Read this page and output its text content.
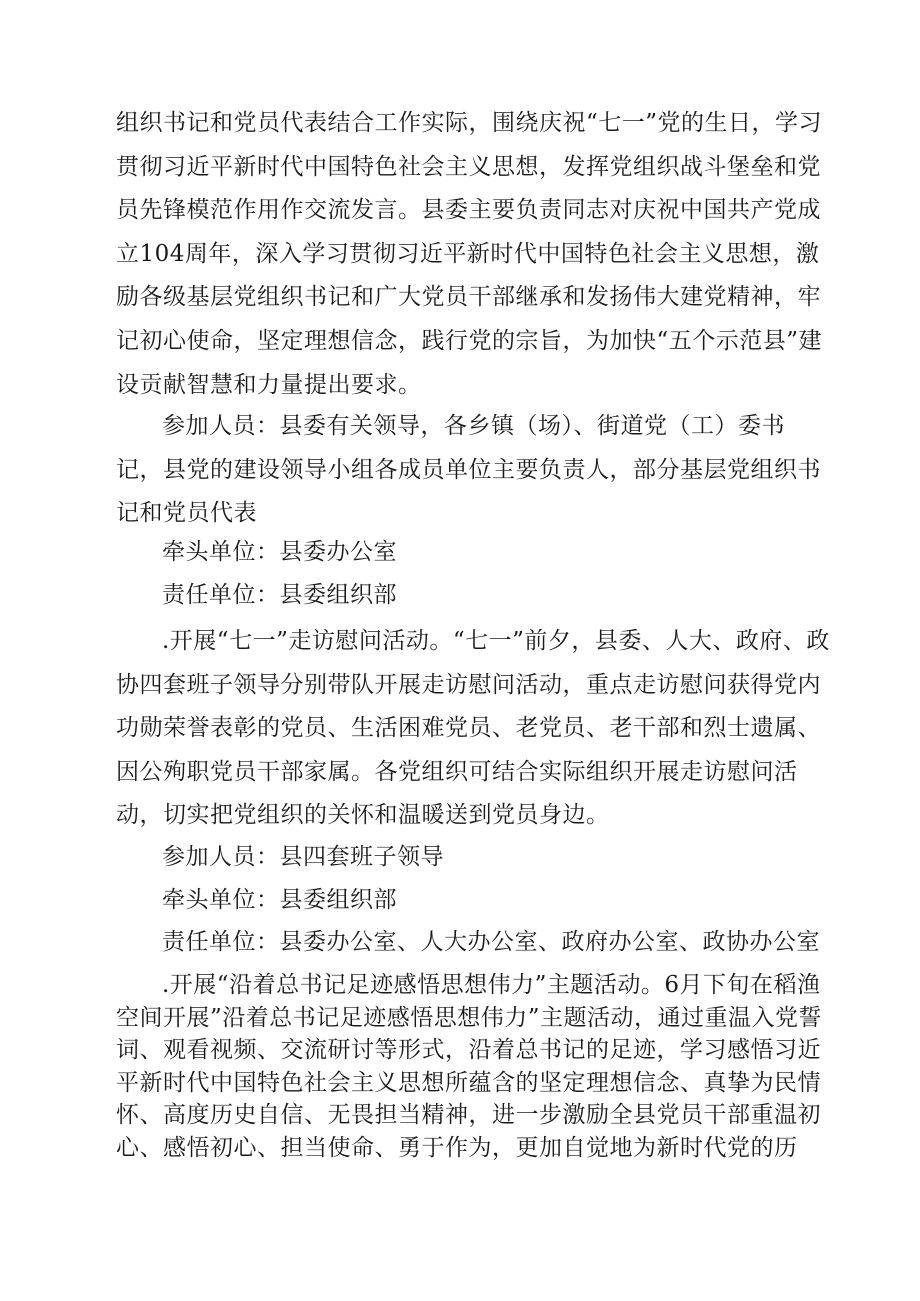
组织书记和党员代表结合工作实际，围绕庆祝“七一”党的生日，学习贯彻习近平新时代中国特色社会主义思想，发挥党组织战斗堡垒和党员先锋模范作用作交流发言。县委主要负责同志对庆祝中国共产党成立104周年，深入学习贯彻习近平新时代中国特色社会主义思想，激励各级基层党组织书记和广大党员干部继承和发扬伟大建党精神，牢记初心使命，坚定理想信念，践行党的宗旨，为加快“五个示范县”建设贡献智慧和力量提出要求。

参加人员：县委有关领导，各乡镇（场）、街道党（工）委书记，县党的建设领导小组各成员单位主要负责人，部分基层党组织书记和党员代表

牵头单位：县委办公室
责任单位：县委组织部

.开展“七一”走访慰问活动。“七一”前夕，县委、人大、政府、政协四套班子领导分别带队开展走访慰问活动，重点走访慰问获得党内功勋荣誉表彰的党员、生活困难党员、老党员、老干部和烈士遗属、因公殉职党员干部家属。各党组织可结合实际组织开展走访慰问活动，切实把党组织的关怀和温暖送到党员身边。

参加人员：县四套班子领导
牵头单位：县委组织部
责任单位：县委办公室、人大办公室、政府办公室、政协办公室

.开展“沿着总书记足迹感悟思想伟力”主题活动。6月下旬在稻渔空间开展”沿着总书记足迹感悟思想伟力”主题活动，通过重温入党誓词、观看视频、交流研讨等形式，沿着总书记的足迹，学习感悟习近平新时代中国特色社会主义思想所蕴含的坚定理想信念、真挚为民情怀、高度历史自信、无畏担当精神，进一步激励全县党员干部重温初心、感悟初心、担当使命、勇于作为，更加自觉地为新时代党的历
